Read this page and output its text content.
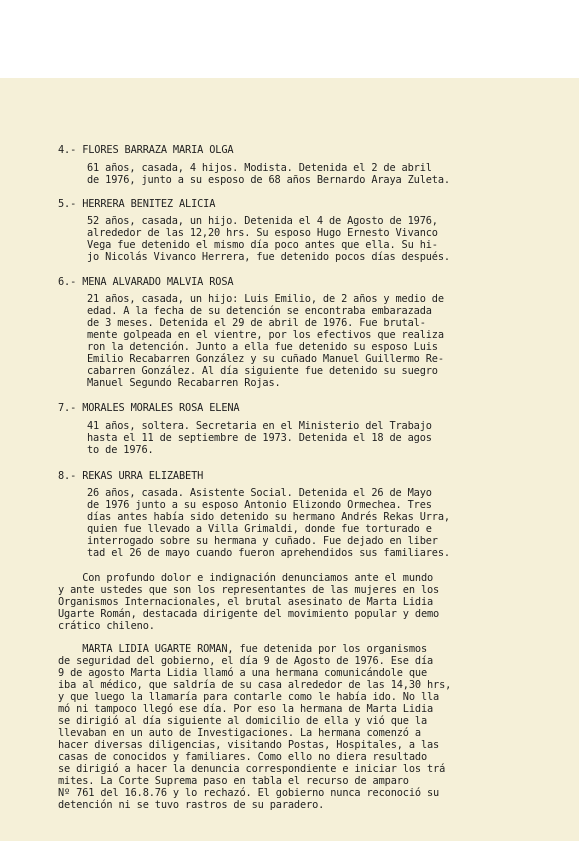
4.- FLORES BARRAZA MARIA OLGA

61 años, casada, 4 hijos. Modista. Detenida el 2 de abril

de 1976, junto a su esposo de 68 años Bernardo Araya Zuleta.

5.- HERRERA BENITEZ ALICIA

52 años, casada, un hijo. Detenida el 4 de Agosto de 1976,

alrededor de las 12,20 hrs. Su esposo Hugo Ernesto Vivanco

Vega fue detenido el mismo día poco antes que ella. Su hi-

jo Nicolás Vivanco Herrera, fue detenido pocos días después.

6.- MENA ALVARADO MALVIA ROSA

21 años, casada, un hijo: Luis Emilio, de 2 años y medio de

edad. A la fecha de su detención se encontraba embarazada

de 3 meses. Detenida el 29 de abril de 1976. Fue brutal-

mente golpeada en el vientre, por los efectivos que realiza

ron la detención. Junto a ella fue detenido su esposo Luis

Emilio Recabarren González y su cuñado Manuel Guillermo Re-

cabarren González. Al día siguiente fue detenido su suegro

Manuel Segundo Recabarren Rojas.

7.- MORALES MORALES ROSA ELENA

41 años, soltera. Secretaria en el Ministerio del Trabajo

hasta el 11 de septiembre de 1973. Detenida el 18 de agos

to de 1976.

8.- REKAS URRA ELIZABETH

26 años, casada. Asistente Social. Detenida el 26 de Mayo

de 1976 junto a su esposo Antonio Elizondo Ormechea. Tres

días antes había sido detenido su hermano Andrés Rekas Urra,

quien fue llevado a Villa Grimaldi, donde fue torturado e

interrogado sobre su hermana y cuñado. Fue dejado en liber

tad el 26 de mayo cuando fueron aprehendidos sus familiares.

Con profundo dolor e indignación denunciamos ante el mundo

y ante ustedes que son los representantes de las mujeres en los

Organismos Internacionales, el brutal asesinato de Marta Lidia

Ugarte Román, destacada dirigente del movimiento popular y demo

crático chileno.

MARTA LIDIA UGARTE ROMAN, fue detenida por los organismos

de seguridad del gobierno, el día 9 de Agosto de 1976. Ese día

9 de agosto Marta Lidia llamó a una hermana comunicándole que

iba al médico, que saldría de su casa alrededor de las 14,30 hrs,

y que luego la llamaría para contarle como le había ido. No lla

mó ni tampoco llegó ese día. Por eso la hermana de Marta Lidia

se dirigió al día siguiente al domicilio de ella y vió que la

llevaban en un auto de Investigaciones. La hermana comenzó a

hacer diversas diligencias, visitando Postas, Hospitales, a las

casas de conocidos y familiares. Como ello no diera resultado

se dirigió a hacer la denuncia correspondiente e iniciar los trá

mites. La Corte Suprema paso en tabla el recurso de amparo

Nº 761 del 16.8.76 y lo rechazó. El gobierno nunca reconoció su

detención ni se tuvo rastros de su paradero.
